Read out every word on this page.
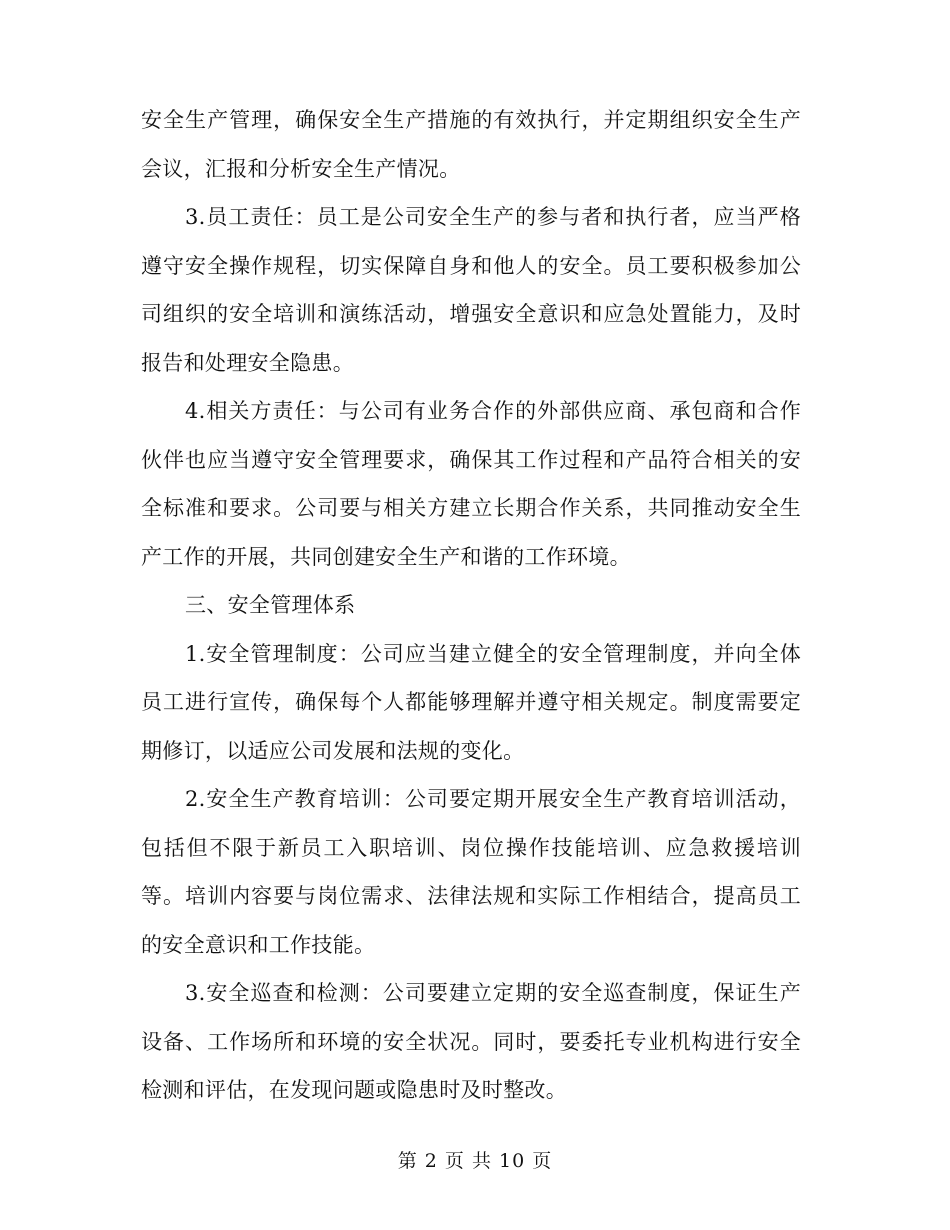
安全生产管理，确保安全生产措施的有效执行，并定期组织安全生产会议，汇报和分析安全生产情况。

3.员工责任：员工是公司安全生产的参与者和执行者，应当严格遵守安全操作规程，切实保障自身和他人的安全。员工要积极参加公司组织的安全培训和演练活动，增强安全意识和应急处置能力，及时报告和处理安全隐患。

4.相关方责任：与公司有业务合作的外部供应商、承包商和合作伙伴也应当遵守安全管理要求，确保其工作过程和产品符合相关的安全标准和要求。公司要与相关方建立长期合作关系，共同推动安全生产工作的开展，共同创建安全生产和谐的工作环境。

三、安全管理体系

1.安全管理制度：公司应当建立健全的安全管理制度，并向全体员工进行宣传，确保每个人都能够理解并遵守相关规定。制度需要定期修订，以适应公司发展和法规的变化。

2.安全生产教育培训：公司要定期开展安全生产教育培训活动，包括但不限于新员工入职培训、岗位操作技能培训、应急救援培训等。培训内容要与岗位需求、法律法规和实际工作相结合，提高员工的安全意识和工作技能。

3.安全巡查和检测：公司要建立定期的安全巡查制度，保证生产设备、工作场所和环境的安全状况。同时，要委托专业机构进行安全检测和评估，在发现问题或隐患时及时整改。

第 2 页 共 10 页
